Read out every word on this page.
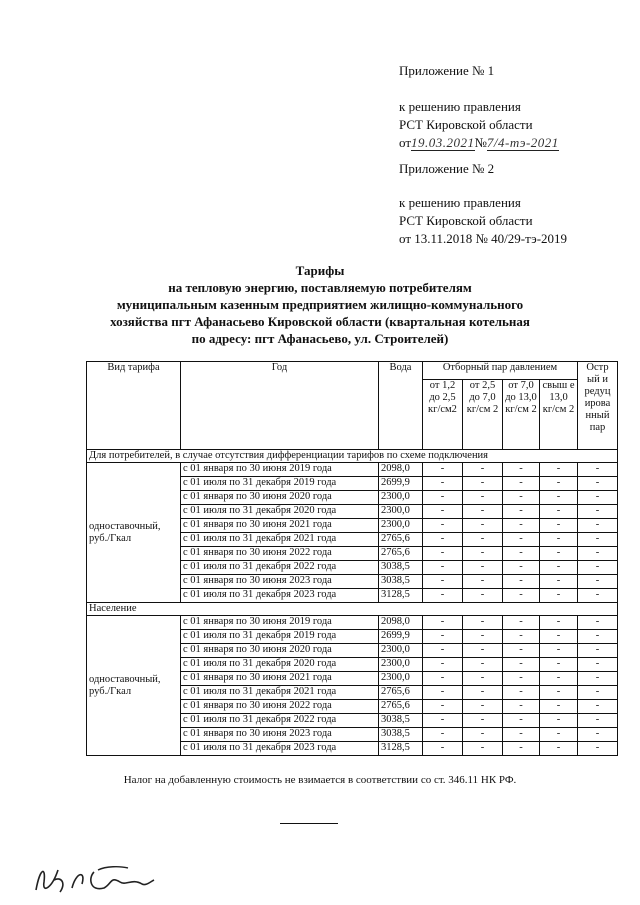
Приложение № 1
к решению правления
РСТ Кировской области
от19.03.2021№7/4-тэ-2021
Приложение № 2
к решению правления
РСТ Кировской области
от 13.11.2018 № 40/29-тэ-2019
Тарифы
на тепловую энергию, поставляемую потребителям
муниципальным казенным предприятием жилищно-коммунального
хозяйства пгт Афанасьево Кировской области (квартальная котельная
по адресу: пгт Афанасьево, ул. Строителей)
Вид тарифа	Год	Вода	Отборный пар давлением				Остр ый и редуц ирова нный пар
			от 1,2 до 2,5 кг/см2	от 2,5 до 7,0 кг/см 2	от 7,0 до 13,0 кг/см 2	свыш е 13,0 кг/см 2	
Для потребителей, в случае отсутствия дифференциации тарифов по схеме подключения							
одноставочный, руб./Гкал	с 01 января по 30 июня 2019 года	2098,0	-	-	-	-	-
	с 01 июля по 31 декабря 2019 года	2699,9	-	-	-	-	-
	с 01 января по 30 июня 2020 года	2300,0	-	-	-	-	-
	с 01 июля по 31 декабря 2020 года	2300,0	-	-	-	-	-
	с 01 января по 30 июня 2021 года	2300,0	-	-	-	-	-
	с 01 июля по 31 декабря 2021 года	2765,6	-	-	-	-	-
	с 01 января по 30 июня 2022 года	2765,6	-	-	-	-	-
	с 01 июля по 31 декабря 2022 года	3038,5	-	-	-	-	-
	с 01 января по 30 июня 2023 года	3038,5	-	-	-	-	-
	с 01 июля по 31 декабря 2023 года	3128,5	-	-	-	-	-
Население							
одноставочный, руб./Гкал	с 01 января по 30 июня 2019 года	2098,0	-	-	-	-	-
	с 01 июля по 31 декабря 2019 года	2699,9	-	-	-	-	-
	с 01 января по 30 июня 2020 года	2300,0	-	-	-	-	-
	с 01 июля по 31 декабря 2020 года	2300,0	-	-	-	-	-
	с 01 января по 30 июня 2021 года	2300,0	-	-	-	-	-
	с 01 июля по 31 декабря 2021 года	2765,6	-	-	-	-	-
	с 01 января по 30 июня 2022 года	2765,6	-	-	-	-	-
	с 01 июля по 31 декабря 2022 года	3038,5	-	-	-	-	-
	с 01 января по 30 июня 2023 года	3038,5	-	-	-	-	-
	с 01 июля по 31 декабря 2023 года	3128,5	-	-	-	-	-
Налог на добавленную стоимость не взимается в соответствии со ст. 346.11 НК РФ.
